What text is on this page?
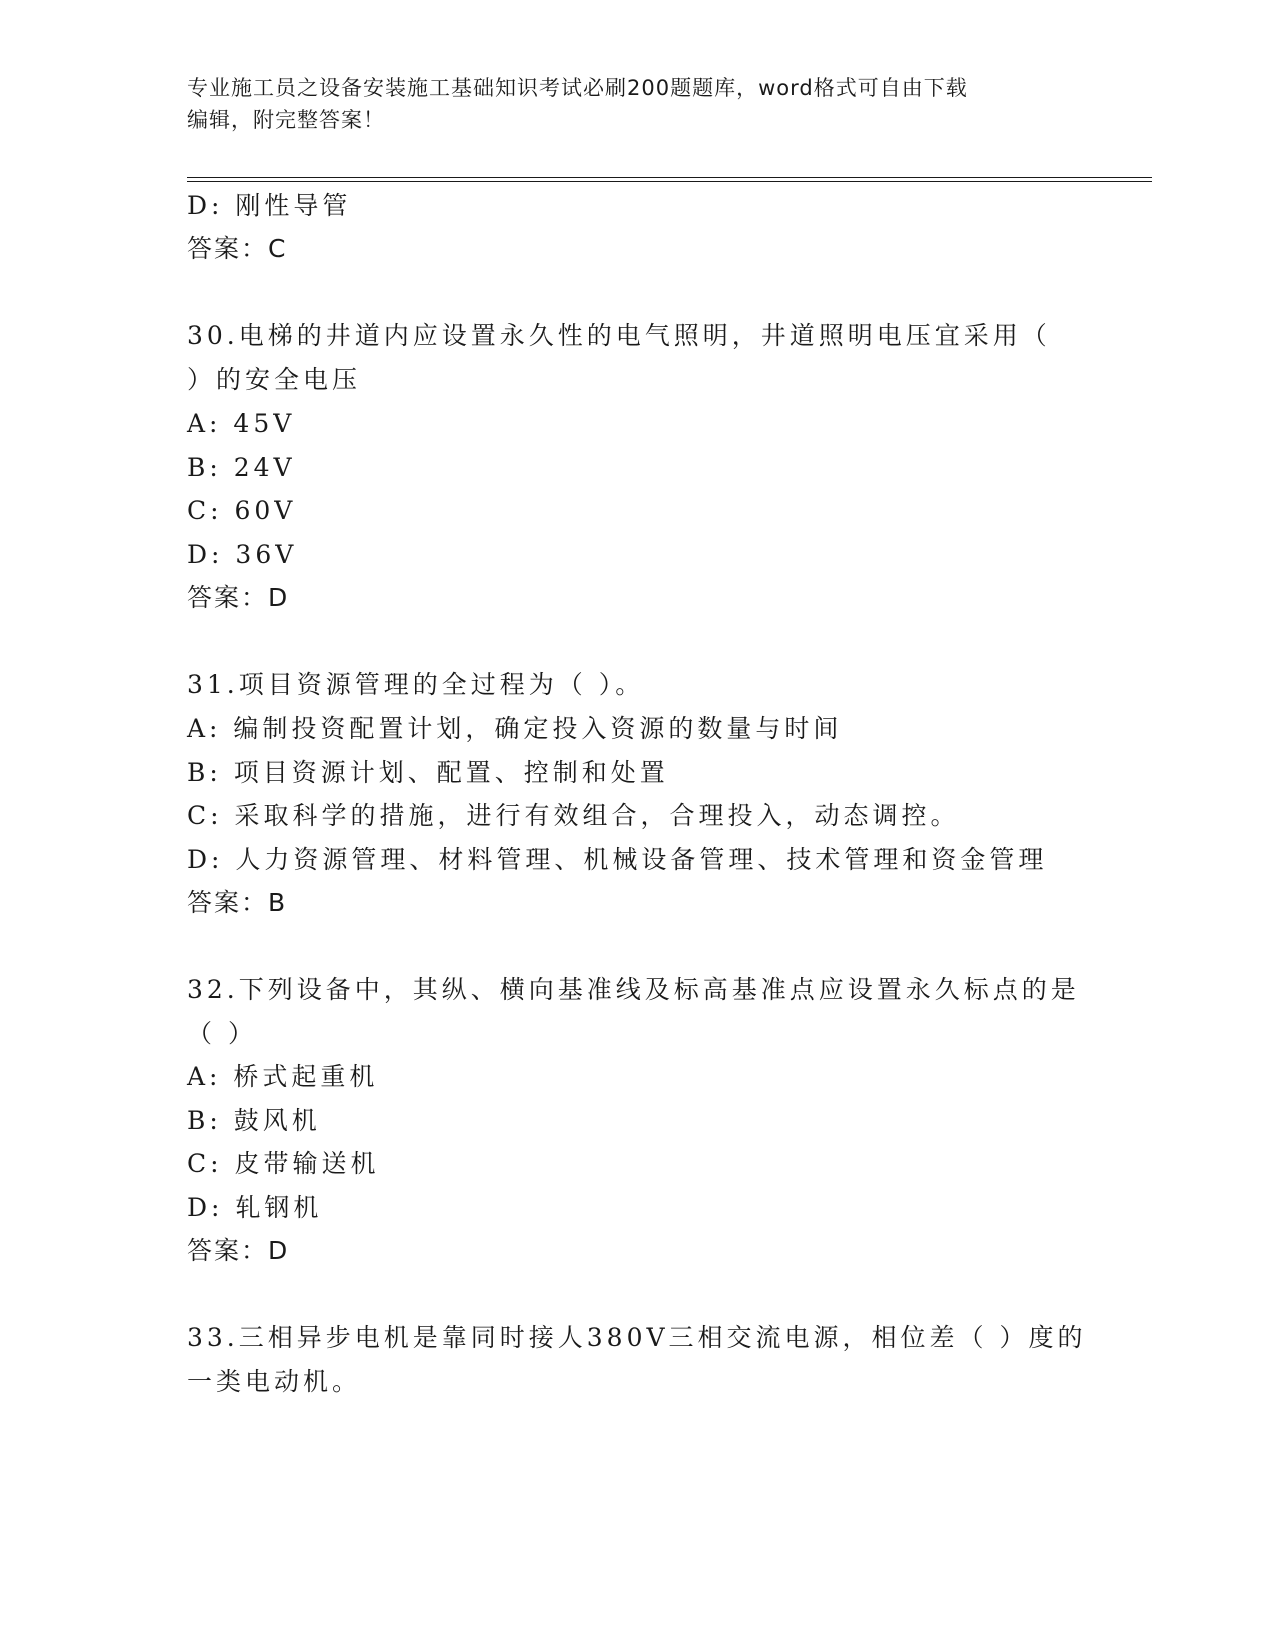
专业施工员之设备安装施工基础知识考试必刷200题题库，word格式可自由下载
编辑，附完整答案！
D: 刚性导管
答案：C
30.电梯的井道内应设置永久性的电气照明，井道照明电压宜采用（
）的安全电压
A: 45V
B: 24V
C: 60V
D: 36V
答案：D
31.项目资源管理的全过程为（ ）。
A: 编制投资配置计划，确定投入资源的数量与时间
B: 项目资源计划、配置、控制和处置
C: 采取科学的措施，进行有效组合，合理投入，动态调控。
D: 人力资源管理、材料管理、机械设备管理、技术管理和资金管理
答案：B
32.下列设备中，其纵、横向基准线及标高基准点应设置永久标点的是
（ ）
A: 桥式起重机
B: 鼓风机
C: 皮带输送机
D: 轧钢机
答案：D
33.三相异步电机是靠同时接人380V三相交流电源，相位差（ ）度的
一类电动机。
